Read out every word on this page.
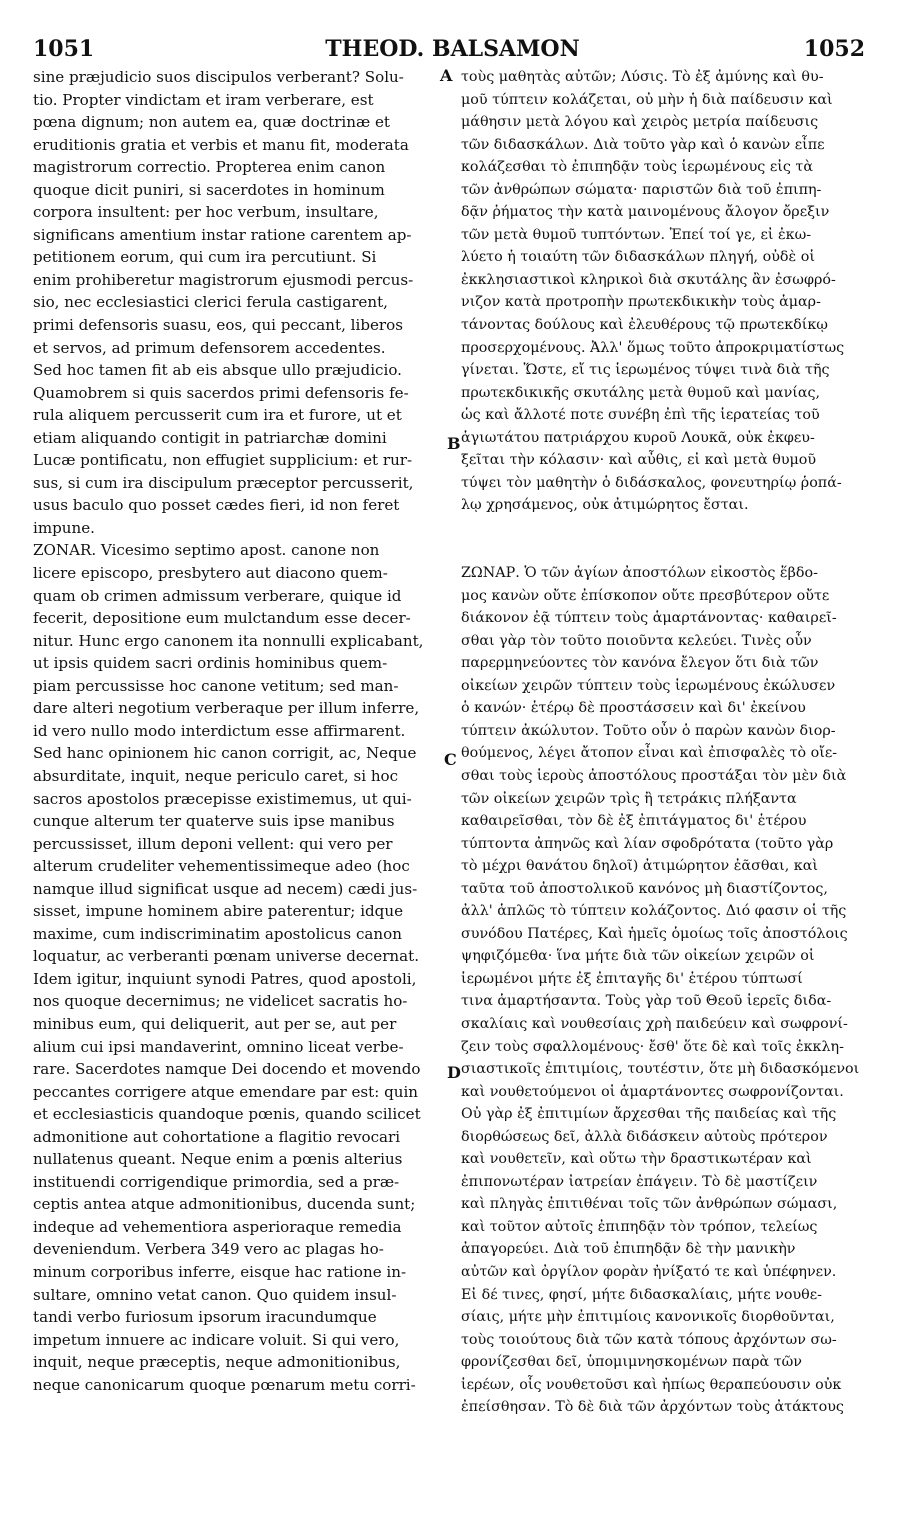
1051	THEOD. BALSAMON	1052
sine præjudicio suos discipulos verberant? Solu-
tio. Propter vindictam et iram verberare, est
pœna dignum; non autem ea, quæ doctrinæ et
eruditionis gratia et verbis et manu fit, moderata
magistrorum correctio. Propterea enim canon
quoque dicit puniri, si sacerdotes in hominum
corpora insultent: per hoc verbum, insultare,
significans amentium instar ratione carentem ap-
petitionem eorum, qui cum ira percutiunt. Si
enim prohiberetur magistrorum ejusmodi percus-
sio, nec ecclesiastici clerici ferula castigarent,
primi defensoris suasu, eos, qui peccant, liberos
et servos, ad primum defensorem accedentes.
Sed hoc tamen fit ab eis absque ullo præjudicio.
Quamobrem si quis sacerdos primi defensoris fe-
rula aliquem percusserit cum ira et furore, ut et
etiam aliquando contigit in patriarchæ domini
Lucæ pontificatu, non effugiet supplicium: et rur-
sus, si cum ira discipulum præceptor percusserit,
usus baculo quo posset cædes fieri, id non feret
impune.
ZONAR. Vicesimo septimo apost. canone non
licere episcopo, presbytero aut diacono quem-
quam ob crimen admissum verberare, quique id
fecerit, depositione eum mulctandum esse decer-
nitur. Hunc ergo canonem ita nonnulli explicabant,
ut ipsis quidem sacri ordinis hominibus quem-
piam percussisse hoc canone vetitum; sed man-
dare alteri negotium verberaque per illum inferre,
id vero nullo modo interdictum esse affirmarent.
Sed hanc opinionem hic canon corrigit, ac, Neque
absurditate, inquit, neque periculo caret, si hoc
sacros apostolos præcepisse existimemus, ut qui-
cunque alterum ter quaterve suis ipse manibus
percussisset, illum deponi vellent: qui vero per
alterum crudeliter vehementissimeque adeo (hoc
namque illud significat usque ad necem) cædi jus-
sisset, impune hominem abire paterentur; idque
maxime, cum indiscriminatim apostolicus canon
loquatur, ac verberanti pœnam universe decernat.
Idem igitur, inquiunt synodi Patres, quod apostoli,
nos quoque decernimus; ne videlicet sacratis ho-
minibus eum, qui deliquerit, aut per se, aut per
alium cui ipsi mandaverint, omnino liceat verbe-
rare. Sacerdotes namque Dei docendo et movendo
peccantes corrigere atque emendare par est: quin
et ecclesiasticis quandoque pœnis, quando scilicet
admonitione aut cohortatione a flagitio revocari
nullatenus queant. Neque enim a pœnis alterius
instituendi corrigendique primordia, sed a præ-
ceptis antea atque admonitionibus, ducenda sunt;
indeque ad vehementiora asperioraque remedia
deveniendum. Verbera 349 vero ac plagas ho-
minum corporibus inferre, eisque hac ratione in-
sultare, omnino vetat canon. Quo quidem insul-
tandi verbo furiosum ipsorum iracundumque
impetum innuere ac indicare voluit. Si qui vero,
inquit, neque præceptis, neque admonitionibus,
neque canonicarum quoque pœnarum metu corri-
τοὺς μαθητὰς αὐτῶν; Λύσις. Τὸ ἐξ ἀμύνης καὶ θυ-
μοῦ τύπτειν κολάζεται, οὐ μὴν ἡ διὰ παίδευσιν καὶ
μάθησιν μετὰ λόγου καὶ χειρὸς μετρία παίδευσις
τῶν διδασκάλων. Διὰ τοῦτο γὰρ καὶ ὁ κανὼν εἶπε
κολάζεσθαι τὸ ἐπιπηδᾷν τοὺς ἱερωμένους εἰς τὰ
τῶν ἀνθρώπων σώματα· παριστῶν διὰ τοῦ ἐπιπη-
δᾷν ῥήματος τὴν κατὰ μαινομένους ἄλογον ὄρεξιν
τῶν μετὰ θυμοῦ τυπτόντων. Ἐπεί τοί γε, εἰ ἐκω-
λύετο ἡ τοιαύτη τῶν διδασκάλων πληγή, οὐδὲ οἱ
ἐκκλησιαστικοὶ κληρικοὶ διὰ σκυτάλης ἂν ἐσωφρό-
νιζον κατὰ προτροπὴν πρωτεκδικικὴν τοὺς ἁμαρ-
τάνοντας δούλους καὶ ἐλευθέρους τῷ πρωτεκδίκῳ
προσερχομένους. Ἀλλ' ὅμως τοῦτο ἀπροκριματίστως
γίνεται. Ὥστε, εἴ τις ἱερωμένος τύψει τινὰ διὰ τῆς
πρωτεκδικικῆς σκυτάλης μετὰ θυμοῦ καὶ μανίας,
ὡς καὶ ἄλλοτέ ποτε συνέβη ἐπὶ τῆς ἱερατείας τοῦ
ἁγιωτάτου πατριάρχου κυροῦ Λουκᾶ, οὐκ ἐκφευ-
ξεῖται τὴν κόλασιν· καὶ αὖθις, εἰ καὶ μετὰ θυμοῦ
τύψει τὸν μαθητὴν ὁ διδάσκαλος, φονευτηρίῳ ῥοπά-
λῳ χρησάμενος, οὐκ ἀτιμώρητος ἔσται.
ΖΩΝΑΡ. Ὁ τῶν ἁγίων ἀποστόλων εἰκοστὸς ἕβδο-
μος κανὼν οὔτε ἐπίσκοπον οὔτε πρεσβύτερον οὔτε
διάκονον ἐᾷ τύπτειν τοὺς ἁμαρτάνοντας· καθαιρεῖ-
σθαι γὰρ τὸν τοῦτο ποιοῦντα κελεύει. Τινὲς οὖν
παρερμηνεύοντες τὸν κανόνα ἔλεγον ὅτι διὰ τῶν
οἰκείων χειρῶν τύπτειν τοὺς ἱερωμένους ἐκώλυσεν
ὁ κανών· ἑτέρῳ δὲ προστάσσειν καὶ δι' ἐκείνου
τύπτειν ἀκώλυτον. Τοῦτο οὖν ὁ παρὼν κανὼν διορ-
θούμενος, λέγει ἄτοπον εἶναι καὶ ἐπισφαλὲς τὸ οἴε-
σθαι τοὺς ἱεροὺς ἀποστόλους προστάξαι τὸν μὲν διὰ
τῶν οἰκείων χειρῶν τρὶς ἢ τετράκις πλήξαντα
καθαιρεῖσθαι, τὸν δὲ ἐξ ἐπιτάγματος δι' ἑτέρου
τύπτοντα ἀπηνῶς καὶ λίαν σφοδρότατα (τοῦτο γὰρ
τὸ μέχρι θανάτου δηλοῖ) ἀτιμώρητον ἐᾶσθαι, καὶ
ταῦτα τοῦ ἀποστολικοῦ κανόνος μὴ διαστίζοντος,
ἀλλ' ἁπλῶς τὸ τύπτειν κολάζοντος. Διό φασιν οἱ τῆς
συνόδου Πατέρες, Καὶ ἡμεῖς ὁμοίως τοῖς ἀποστόλοις
ψηφιζόμεθα· ἵνα μήτε διὰ τῶν οἰκείων χειρῶν οἱ
ἱερωμένοι μήτε ἐξ ἐπιταγῆς δι' ἑτέρου τύπτωσί
τινα ἁμαρτήσαντα. Τοὺς γὰρ τοῦ Θεοῦ ἱερεῖς διδα-
σκαλίαις καὶ νουθεσίαις χρὴ παιδεύειν καὶ σωφρονί-
ζειν τοὺς σφαλλομένους· ἔσθ' ὅτε δὲ καὶ τοῖς ἐκκλη-
σιαστικοῖς ἐπιτιμίοις, τουτέστιν, ὅτε μὴ διδασκόμενοι
καὶ νουθετούμενοι οἱ ἁμαρτάνοντες σωφρονίζονται.
Οὐ γὰρ ἐξ ἐπιτιμίων ἄρχεσθαι τῆς παιδείας καὶ τῆς
διορθώσεως δεῖ, ἀλλὰ διδάσκειν αὐτοὺς πρότερον
καὶ νουθετεῖν, καὶ οὕτω τὴν δραστικωτέραν καὶ
ἐπιπονωτέραν ἰατρείαν ἐπάγειν. Τὸ δὲ μαστίζειν
καὶ πληγὰς ἐπιτιθέναι τοῖς τῶν ἀνθρώπων σώμασι,
καὶ τοῦτον αὐτοῖς ἐπιπηδᾷν τὸν τρόπον, τελείως
ἀπαγορεύει. Διὰ τοῦ ἐπιπηδᾷν δὲ τὴν μανικὴν
αὐτῶν καὶ ὀργίλον φορὰν ἠνίξατό τε καὶ ὑπέφηνεν.
Εἰ δέ τινες, φησί, μήτε διδασκαλίαις, μήτε νουθε-
σίαις, μήτε μὴν ἐπιτιμίοις κανονικοῖς διορθοῦνται,
τοὺς τοιούτους διὰ τῶν κατὰ τόπους ἀρχόντων σω-
φρονίζεσθαι δεῖ, ὑπομιμνησκομένων παρὰ τῶν
ἱερέων, οἷς νουθετοῦσι καὶ ἠπίως θεραπεύουσιν οὐκ
ἐπείσθησαν. Τὸ δὲ διὰ τῶν ἀρχόντων τοὺς ἀτάκτους
A
B
C
D
